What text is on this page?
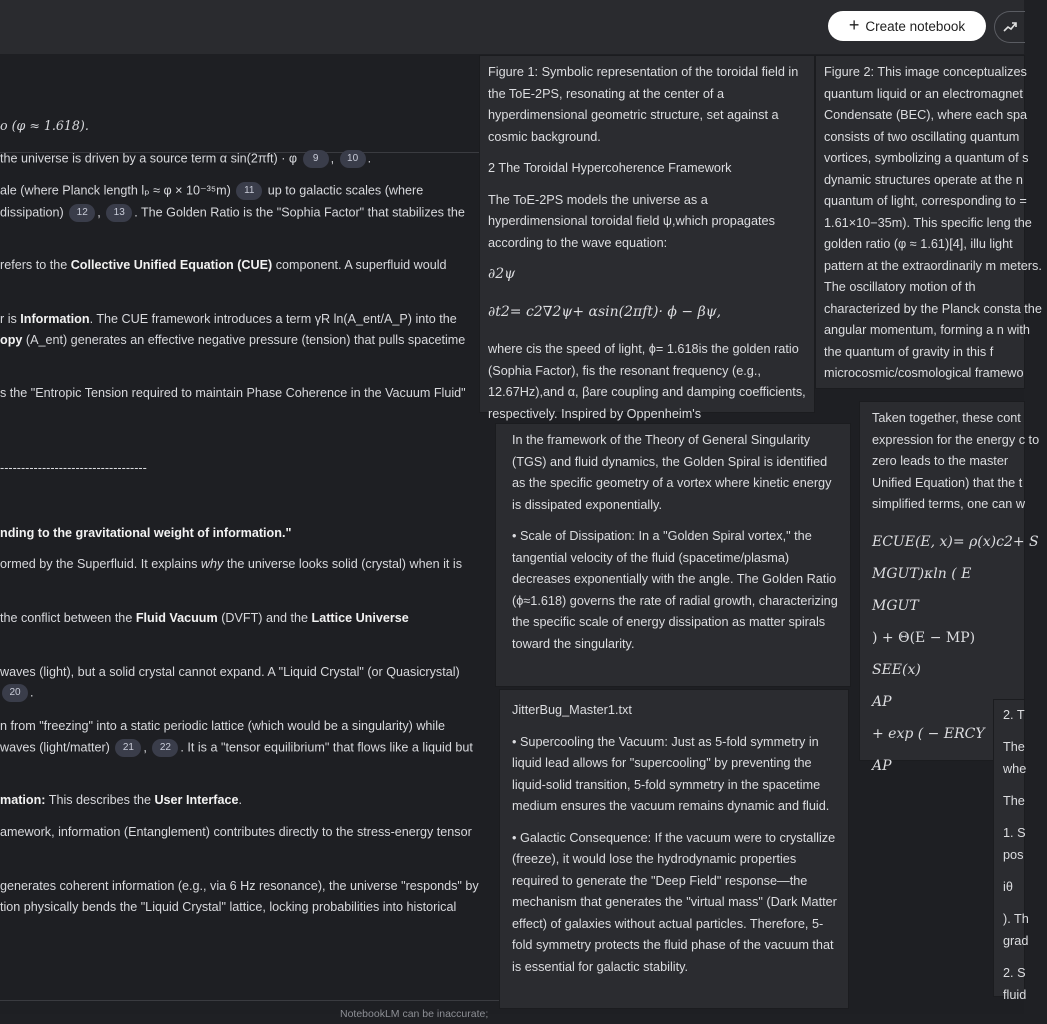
+ Create notebook
o (φ ≈ 1.618).
the universe is driven by a source term α sin(2πft) · φ 9 , 10 .
ale (where Planck length lₚ ≈ φ × 10⁻³⁵m) 11 up to galactic scales (where
dissipation) 12 , 13 . The Golden Ratio is the "Sophia Factor" that stabilizes the
refers to the Collective Unified Equation (CUE) component. A superfluid would
r is Information. The CUE framework introduces a term γR ln(A_ent/A_P) into the
opy (A_ent) generates an effective negative pressure (tension) that pulls spacetime
s the "Entropic Tension required to maintain Phase Coherence in the Vacuum Fluid"
-----------------------------------
nding to the gravitational weight of information."
ormed by the Superfluid. It explains why the universe looks solid (crystal) when it is
the conflict between the Fluid Vacuum (DVFT) and the Lattice Universe
waves (light), but a solid crystal cannot expand. A "Liquid Crystal" (or Quasicrystal)
20 .
n from "freezing" into a static periodic lattice (which would be a singularity) while
waves (light/matter) 21 , 22 . It is a "tensor equilibrium" that flows like a liquid but
mation: This describes the User Interface.
amework, information (Entanglement) contributes directly to the stress-energy tensor
generates coherent information (e.g., via 6 Hz resonance), the universe "responds" by
tion physically bends the "Liquid Crystal" lattice, locking probabilities into historical
NotebookLM can be inaccurate;

Figure 1: Symbolic representation of the toroidal field in the ToE-2PS, resonating at the center of a hyperdimensional geometric structure, set against a cosmic background.

2 The Toroidal Hypercoherence Framework

The ToE-2PS models the universe as a hyperdimensional toroidal field ψ,which propagates according to the wave equation:

∂2ψ

∂t2= c2∇2ψ+ αsin(2πft)· ϕ − βψ,

where cis the speed of light, ϕ= 1.618is the golden ratio (Sophia Factor), fis the resonant frequency (e.g., 12.67Hz),and α, βare coupling and damping coefficients, respectively. Inspired by Oppenheim's

Figure 2: This image conceptualizes quantum liquid or an electromagnet Condensate (BEC), where each spa consists of two oscillating quantum vortices, symbolizing a quantum of s dynamic structures operate at the n quantum of light, corresponding to = 1.61×10−35m). This specific leng the golden ratio (φ ≈ 1.61)[4], illu light pattern at the extraordinarily m meters. The oscillatory motion of th characterized by the Planck consta the angular momentum, forming a n with the quantum of gravity in this f microcosmic/cosmological framewo

In the framework of the Theory of General Singularity (TGS) and fluid dynamics, the Golden Spiral is identified as the specific geometry of a vortex where kinetic energy is dissipated exponentially.

• Scale of Dissipation: In a "Golden Spiral vortex," the tangential velocity of the fluid (spacetime/plasma) decreases exponentially with the angle. The Golden Ratio (ϕ≈1.618) governs the rate of radial growth, characterizing the specific scale of energy dissipation as matter spirals toward the singularity.

JitterBug_Master1.txt

• Supercooling the Vacuum: Just as 5-fold symmetry in liquid lead allows for "supercooling" by preventing the liquid-solid transition, 5-fold symmetry in the spacetime medium ensures the vacuum remains dynamic and fluid.

• Galactic Consequence: If the vacuum were to crystallize (freeze), it would lose the hydrodynamic properties required to generate the "Deep Field" response—the mechanism that generates the "virtual mass" (Dark Matter effect) of galaxies without actual particles. Therefore, 5-fold symmetry protects the fluid phase of the vacuum that is essential for galactic stability.

Taken together, these cont expression for the energy c to zero leads to the master Unified Equation) that the t simplified terms, one can w

ECUE(E, x)= ρ(x)c2+ S
MGUT)κln ( E
MGUT
) + Θ(E − MP)
SEE(x)
AP
+ exp ( − ERCY
AP
2. T
The
whe
The
1. S
pos
iθ
). Th
grad
2. S
fluid
